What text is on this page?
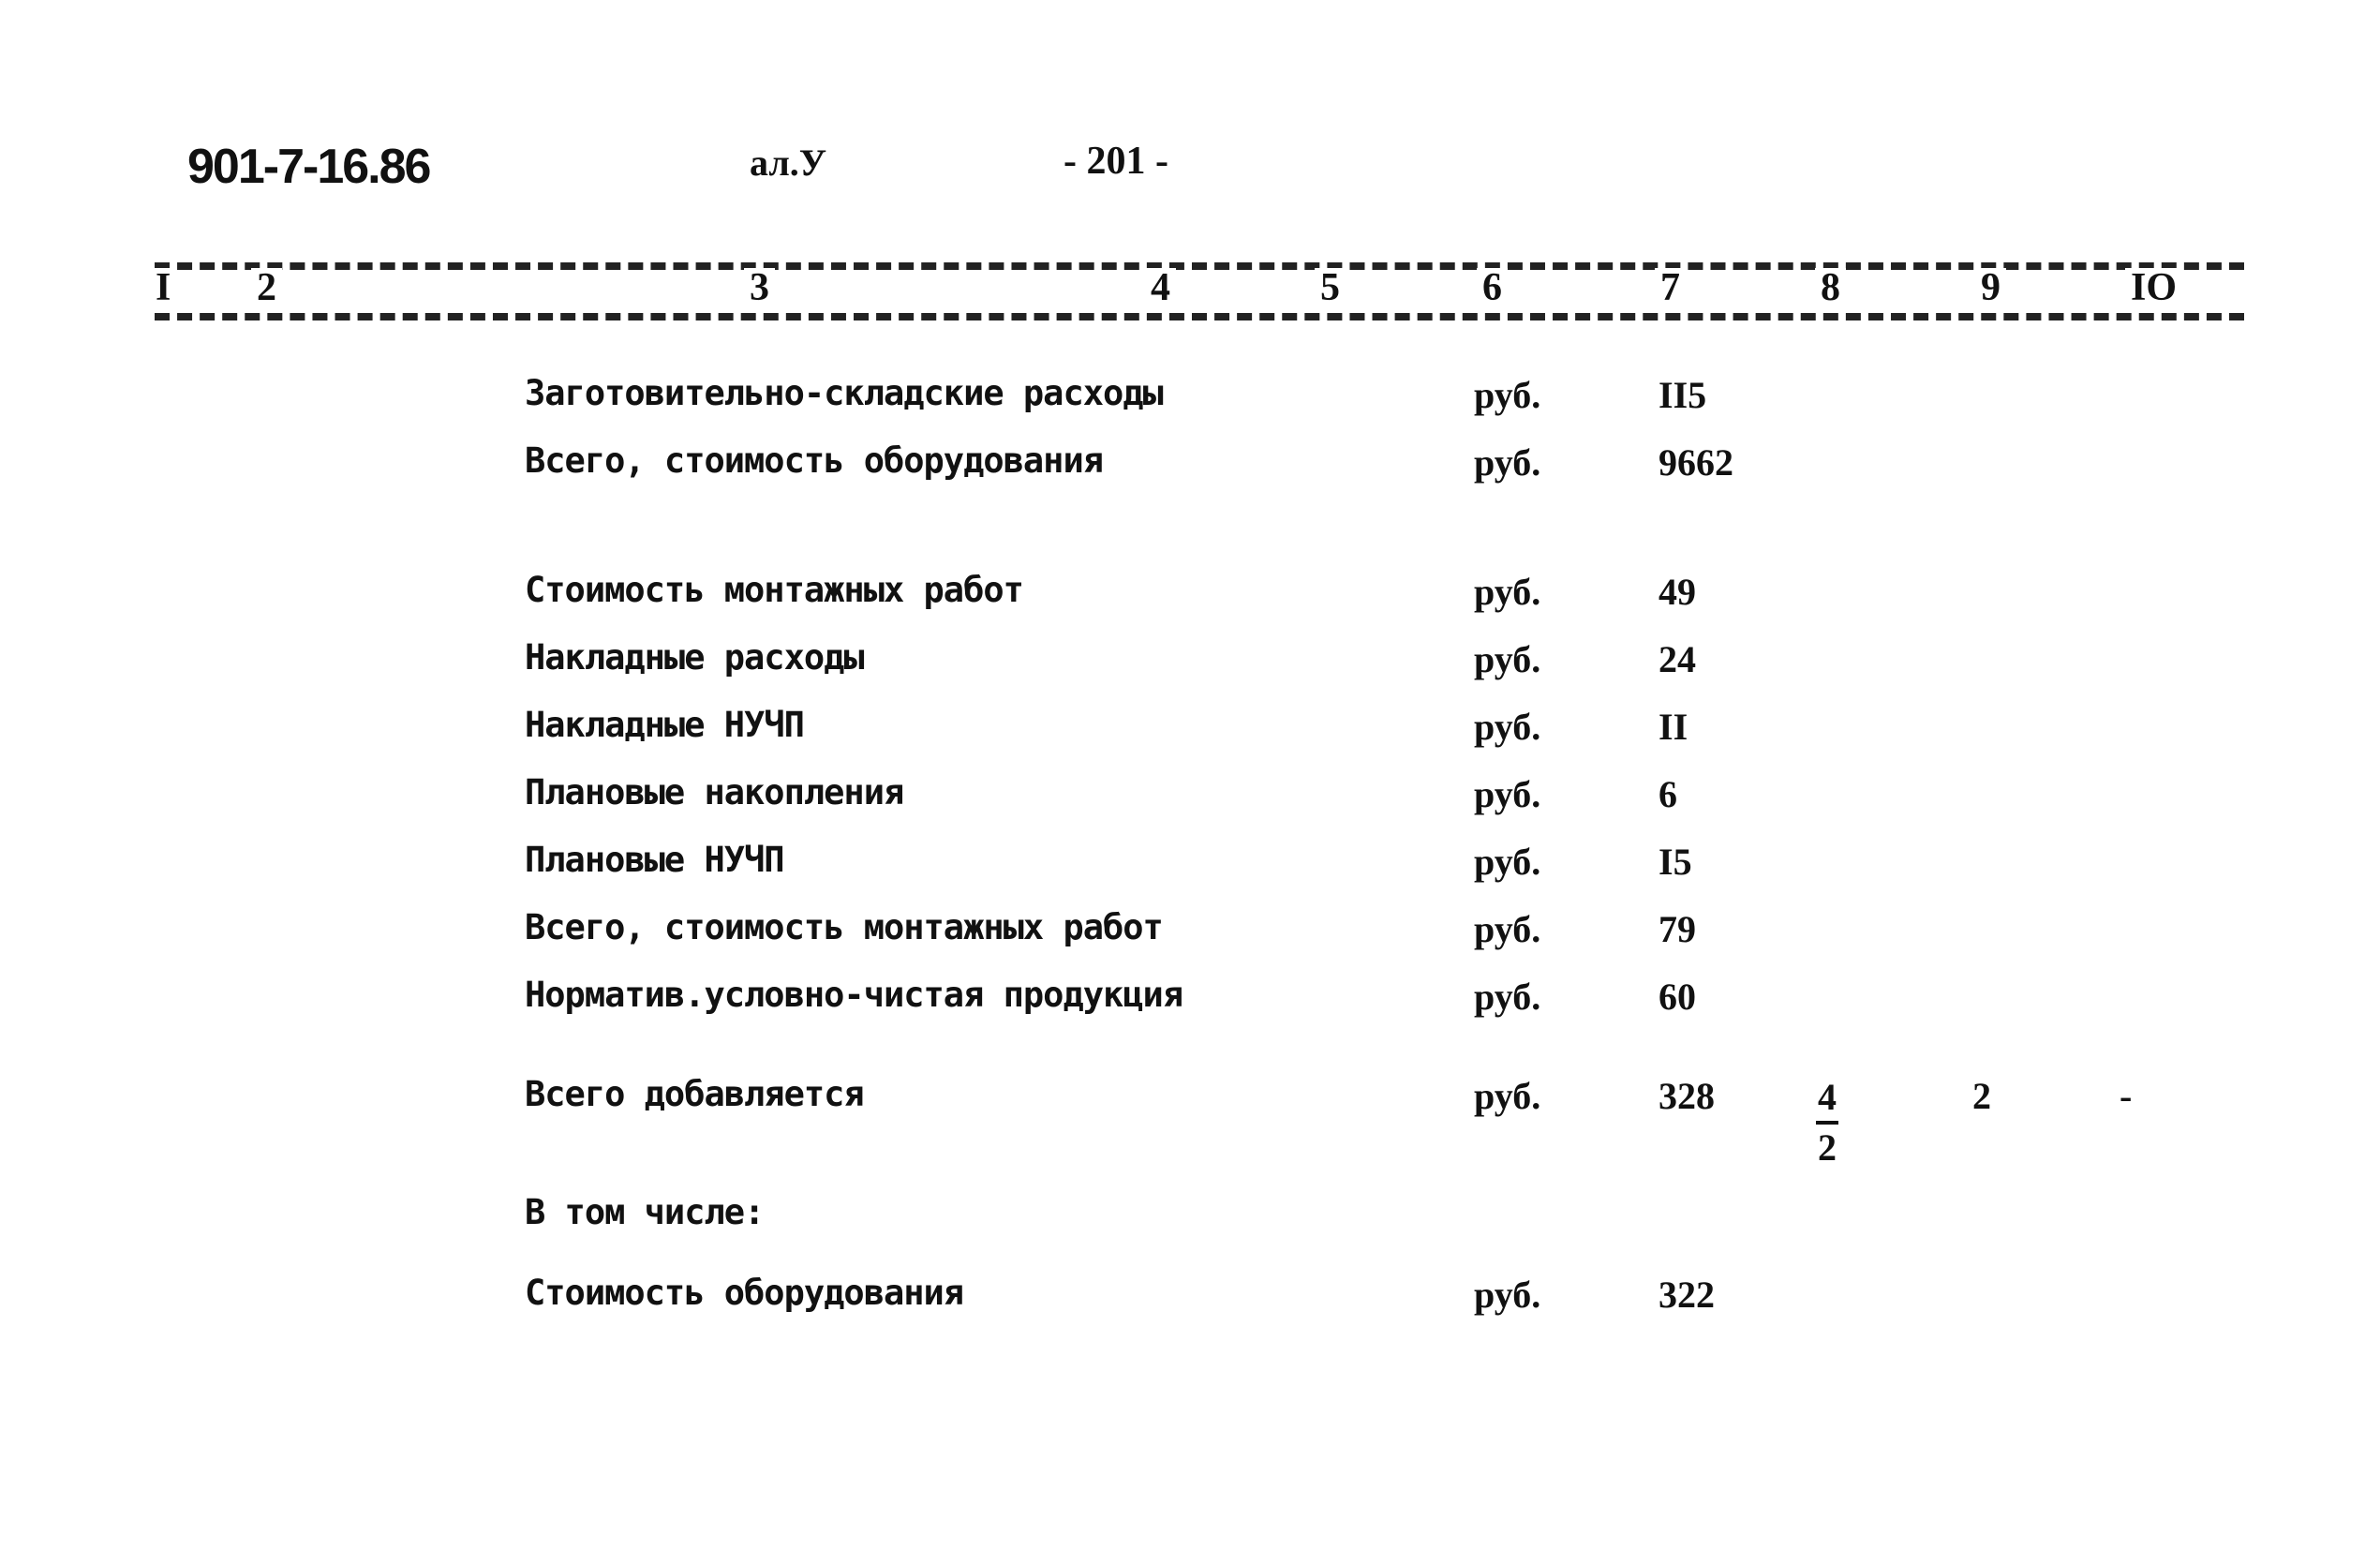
901-7-16.86	ал.У	- 201 -
I 2	3	4	5	6	7	8	9	IO
Заготовительно-складские расходы	руб.	II5
Всего, стоимость оборудования	руб.	9662
Стоимость монтажных работ	руб.	49
Накладные расходы	руб.	24
Накладные НУЧП	руб.	II
Плановые накопления	руб.	6
Плановые НУЧП	руб.	I5
Всего, стоимость монтажных работ	руб.	79
Норматив.условно-чистая продукция	руб.	60
Всего добавляется	руб.	328	$\frac{4}{2}$	2	-
В том числе:
Стоимость оборудования	руб.	322
